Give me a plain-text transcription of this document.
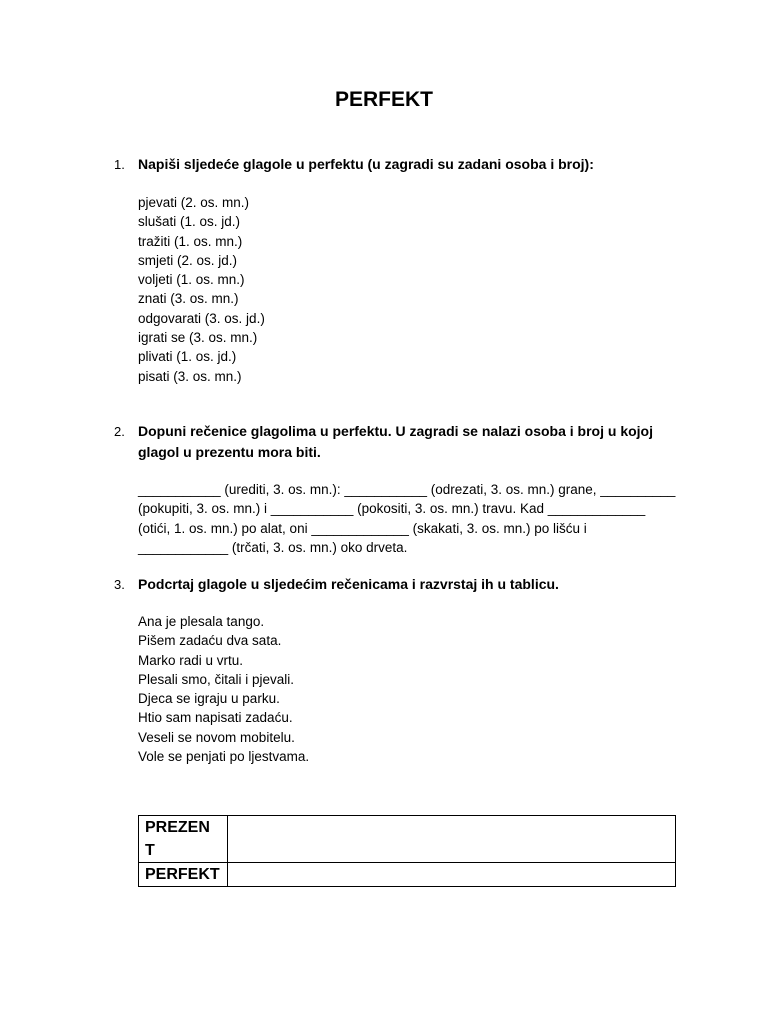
PERFEKT
1. Napiši sljedeće glagole u perfektu (u zagradi su zadani osoba i broj):
pjevati (2. os. mn.)
slušati (1. os. jd.)
tražiti (1. os. mn.)
smjeti (2. os. jd.)
voljeti (1. os. mn.)
znati (3. os. mn.)
odgovarati (3. os. jd.)
igrati se (3. os. mn.)
plivati (1. os. jd.)
pisati (3. os. mn.)
2. Dopuni rečenice glagolima u perfektu. U zagradi se nalazi osoba i broj u kojoj glagol u prezentu mora biti.
___________ (urediti, 3. os. mn.): ___________ (odrezati, 3. os. mn.) grane, __________ (pokupiti, 3. os. mn.) i ___________ (pokositi, 3. os. mn.) travu. Kad _____________ (otići, 1. os. mn.) po alat, oni _____________ (skakati, 3. os. mn.) po lišću i ____________ (trčati, 3. os. mn.) oko drveta.
3. Podcrtaj glagole u sljedećim rečenicama i razvrstaj ih u tablicu.
Ana je plesala tango.
Pišem zadaću dva sata.
Marko radi u vrtu.
Plesali smo, čitali i pjevali.
Djeca se igraju u parku.
Htio sam napisati zadaću.
Veseli se novom mobitelu.
Vole se penjati po ljestvama.
PREZEN
T	

PERFEKT	
